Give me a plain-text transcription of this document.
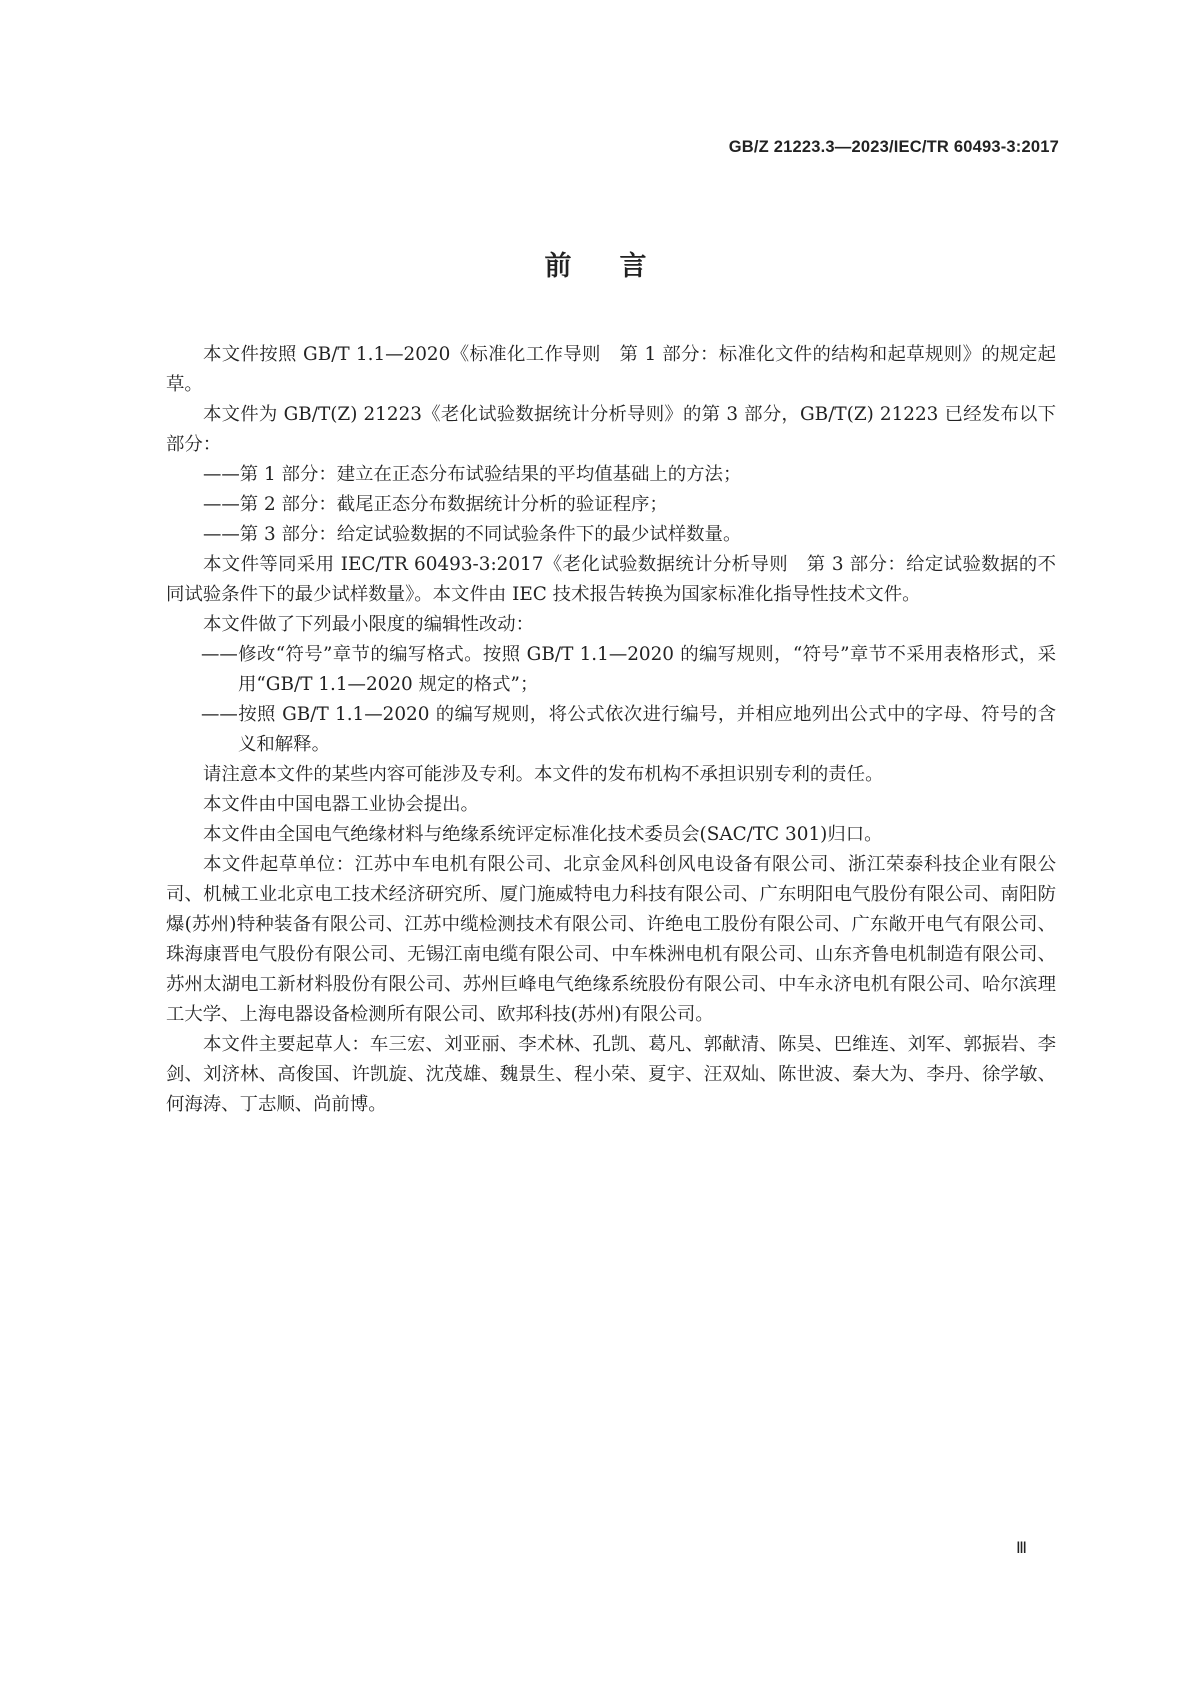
GB/Z 21223.3—2023/IEC/TR 60493-3:2017
前言

本文件按照 GB/T 1.1—2020《标准化工作导则　第 1 部分：标准化文件的结构和起草规则》的规定起草。

本文件为 GB/T(Z) 21223《老化试验数据统计分析导则》的第 3 部分，GB/T(Z) 21223 已经发布以下部分：

——第 1 部分：建立在正态分布试验结果的平均值基础上的方法；

——第 2 部分：截尾正态分布数据统计分析的验证程序；

——第 3 部分：给定试验数据的不同试验条件下的最少试样数量。

本文件等同采用 IEC/TR 60493-3:2017《老化试验数据统计分析导则　第 3 部分：给定试验数据的不同试验条件下的最少试样数量》。本文件由 IEC 技术报告转换为国家标准化指导性技术文件。

本文件做了下列最小限度的编辑性改动：

——修改“符号”章节的编写格式。按照 GB/T 1.1—2020 的编写规则，“符号”章节不采用表格形式，采用“GB/T 1.1—2020 规定的格式”；

——按照 GB/T 1.1—2020 的编写规则，将公式依次进行编号，并相应地列出公式中的字母、符号的含义和解释。

请注意本文件的某些内容可能涉及专利。本文件的发布机构不承担识别专利的责任。

本文件由中国电器工业协会提出。

本文件由全国电气绝缘材料与绝缘系统评定标准化技术委员会(SAC/TC 301)归口。

本文件起草单位：江苏中车电机有限公司、北京金风科创风电设备有限公司、浙江荣泰科技企业有限公司、机械工业北京电工技术经济研究所、厦门施威特电力科技有限公司、广东明阳电气股份有限公司、南阳防爆(苏州)特种装备有限公司、江苏中缆检测技术有限公司、许绝电工股份有限公司、广东敞开电气有限公司、珠海康晋电气股份有限公司、无锡江南电缆有限公司、中车株洲电机有限公司、山东齐鲁电机制造有限公司、苏州太湖电工新材料股份有限公司、苏州巨峰电气绝缘系统股份有限公司、中车永济电机有限公司、哈尔滨理工大学、上海电器设备检测所有限公司、欧邦科技(苏州)有限公司。

本文件主要起草人：车三宏、刘亚丽、李术林、孔凯、葛凡、郭献清、陈昊、巴维连、刘军、郭振岩、李剑、刘济林、高俊国、许凯旋、沈茂雄、魏景生、程小荣、夏宇、汪双灿、陈世波、秦大为、李丹、徐学敏、何海涛、丁志顺、尚前博。

Ⅲ
